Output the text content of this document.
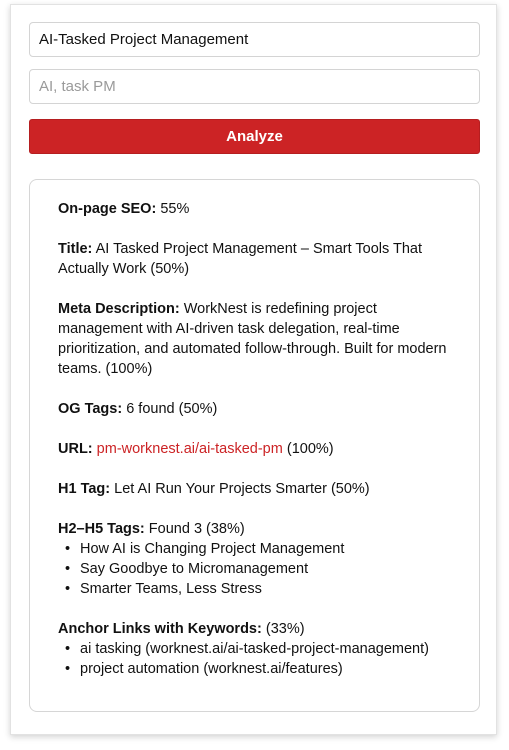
AI-Tasked Project Management
AI, task PM
Analyze
On-page SEO: 55%
Title: AI Tasked Project Management – Smart Tools That Actually Work (50%)
Meta Description: WorkNest is redefining project management with AI-driven task delegation, real-time prioritization, and automated follow-through. Built for modern teams. (100%)
OG Tags: 6 found (50%)
URL: pm-worknest.ai/ai-tasked-pm (100%)
H1 Tag: Let AI Run Your Projects Smarter (50%)
H2–H5 Tags: Found 3 (38%)
• How AI is Changing Project Management
• Say Goodbye to Micromanagement
• Smarter Teams, Less Stress
Anchor Links with Keywords: (33%)
• ai tasking (worknest.ai/ai-tasked-project-management)
• project automation (worknest.ai/features)
